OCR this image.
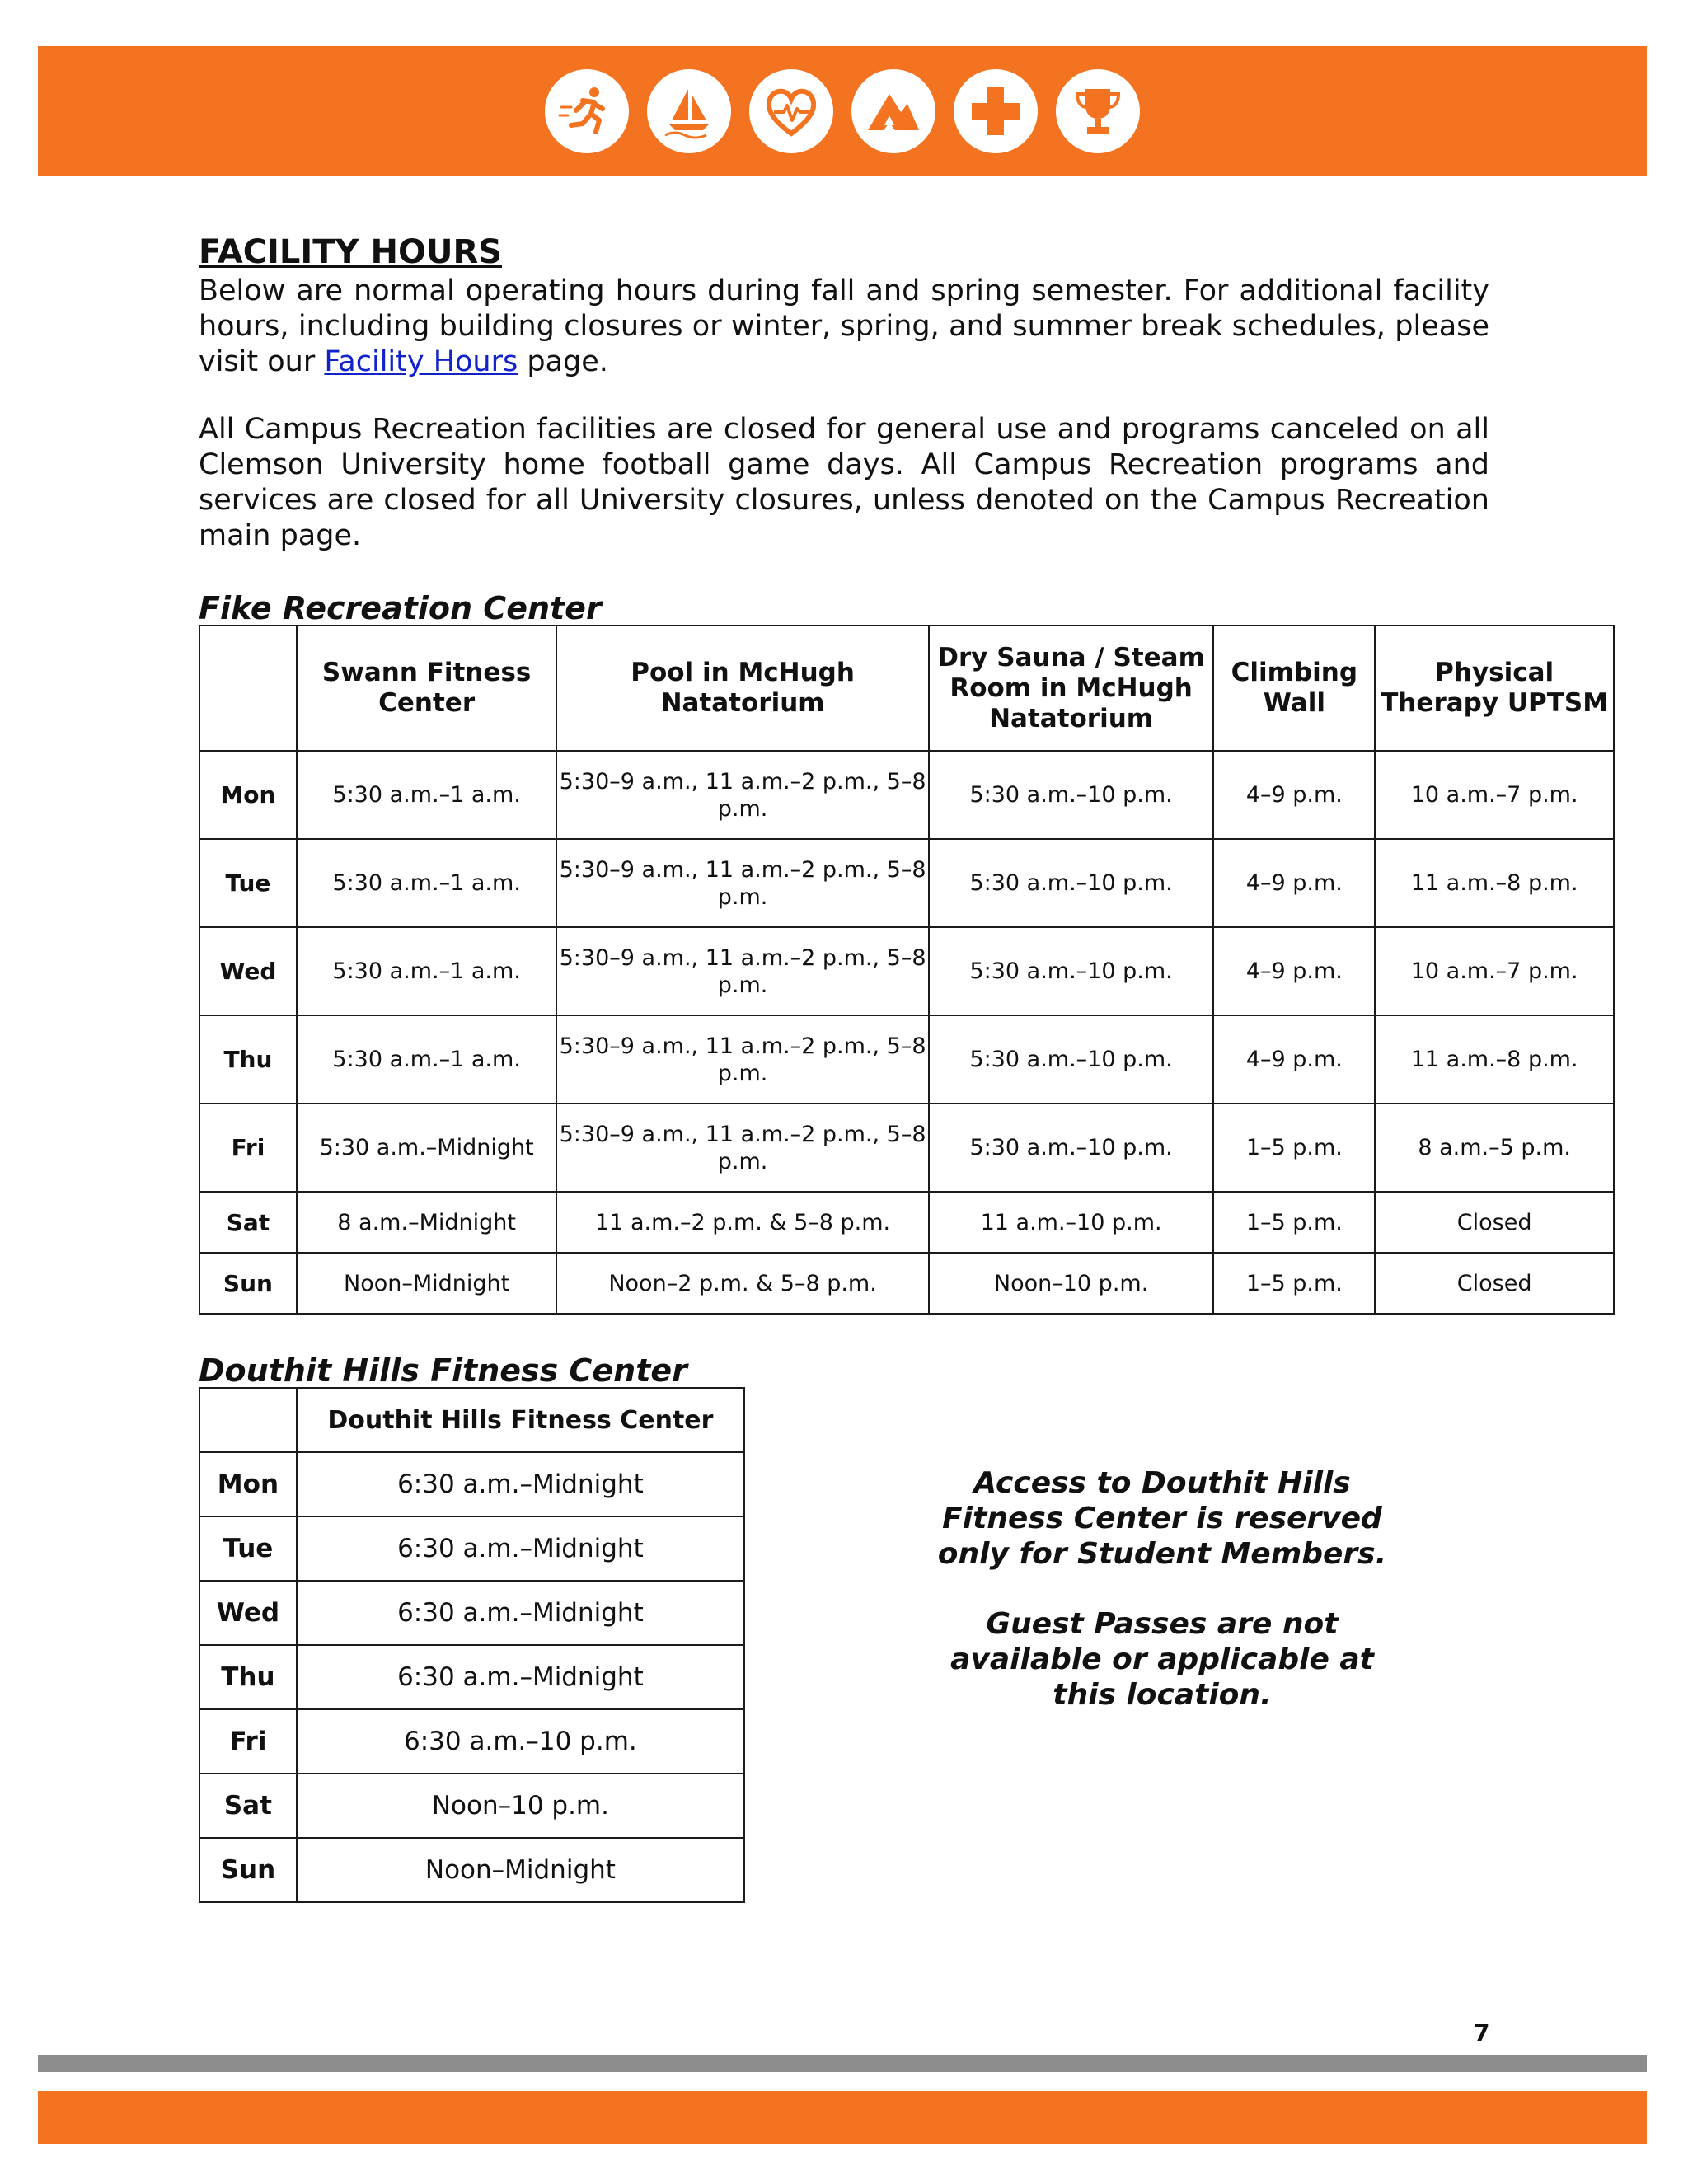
FACILITY HOURS
Below are normal operating hours during fall and spring semester. For additional facility hours, including building closures or winter, spring, and summer break schedules, please visit our Facility Hours page.
All Campus Recreation facilities are closed for general use and programs canceled on all Clemson University home football game days. All Campus Recreation programs and services are closed for all University closures, unless denoted on the Campus Recreation main page.
Fike Recreation Center
	Swann Fitness Center	Pool in McHugh Natatorium	Dry Sauna / Steam Room in McHugh Natatorium	Climbing Wall	Physical Therapy UPTSM
Mon	5:30 a.m.–1 a.m.	5:30–9 a.m., 11 a.m.–2 p.m., 5–8 p.m.	5:30 a.m.–10 p.m.	4–9 p.m.	10 a.m.–7 p.m.
Tue	5:30 a.m.–1 a.m.	5:30–9 a.m., 11 a.m.–2 p.m., 5–8 p.m.	5:30 a.m.–10 p.m.	4–9 p.m.	11 a.m.–8 p.m.
Wed	5:30 a.m.–1 a.m.	5:30–9 a.m., 11 a.m.–2 p.m., 5–8 p.m.	5:30 a.m.–10 p.m.	4–9 p.m.	10 a.m.–7 p.m.
Thu	5:30 a.m.–1 a.m.	5:30–9 a.m., 11 a.m.–2 p.m., 5–8 p.m.	5:30 a.m.–10 p.m.	4–9 p.m.	11 a.m.–8 p.m.
Fri	5:30 a.m.–Midnight	5:30–9 a.m., 11 a.m.–2 p.m., 5–8 p.m.	5:30 a.m.–10 p.m.	1–5 p.m.	8 a.m.–5 p.m.
Sat	8 a.m.–Midnight	11 a.m.–2 p.m. & 5–8 p.m.	11 a.m.–10 p.m.	1–5 p.m.	Closed
Sun	Noon–Midnight	Noon–2 p.m. & 5–8 p.m.	Noon–10 p.m.	1–5 p.m.	Closed
Douthit Hills Fitness Center
	Douthit Hills Fitness Center
Mon	6:30 a.m.–Midnight
Tue	6:30 a.m.–Midnight
Wed	6:30 a.m.–Midnight
Thu	6:30 a.m.–Midnight
Fri	6:30 a.m.–10 p.m.
Sat	Noon–10 p.m.
Sun	Noon–Midnight

Access to Douthit Hills Fitness Center is reserved only for Student Members.

Guest Passes are not available or applicable at this location.

7
